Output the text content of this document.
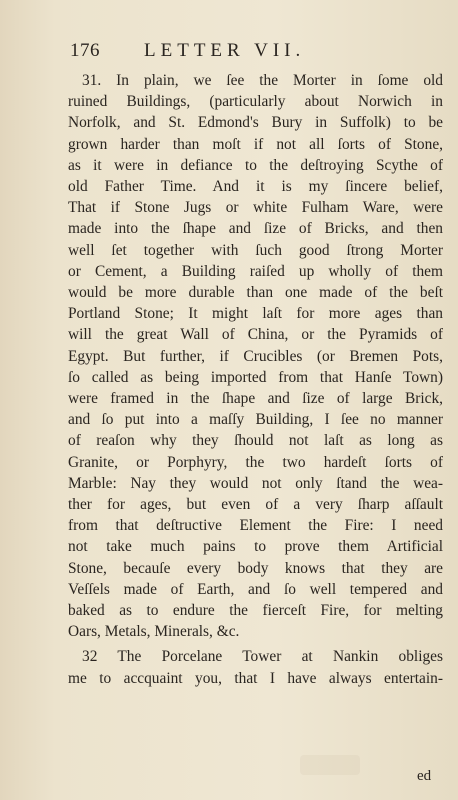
176 LETTER VII.
31. In plain, we ſee the Morter in ſome old
ruined Buildings, (particularly about Norwich in
Norfolk, and St. Edmond's Bury in Suffolk) to be
grown harder than moſt if not all ſorts of Stone,
as it were in defiance to the deſtroying Scythe of
old Father Time. And it is my ſincere belief,
That if Stone Jugs or white Fulham Ware, were
made into the ſhape and ſize of Bricks, and then
well ſet together with ſuch good ſtrong Morter
or Cement, a Building raiſed up wholly of them
would be more durable than one made of the beſt
Portland Stone; It might laſt for more ages than
will the great Wall of China, or the Pyramids of
Egypt. But further, if Crucibles (or Bremen Pots,
ſo called as being imported from that Hanſe Town)
were framed in the ſhape and ſize of large Brick,
and ſo put into a maſſy Building, I ſee no manner
of reaſon why they ſhould not laſt as long as
Granite, or Porphyry, the two hardeſt ſorts of
Marble: Nay they would not only ſtand the wea-
ther for ages, but even of a very ſharp aſſault
from that deſtructive Element the Fire: I need
not take much pains to prove them Artificial
Stone, becauſe every body knows that they are
Veſſels made of Earth, and ſo well tempered and
baked as to endure the fierceſt Fire, for melting
Oars, Metals, Minerals, &c.
32 The Porcelane Tower at Nankin obliges
me to accquaint you, that I have always entertain-
ed
